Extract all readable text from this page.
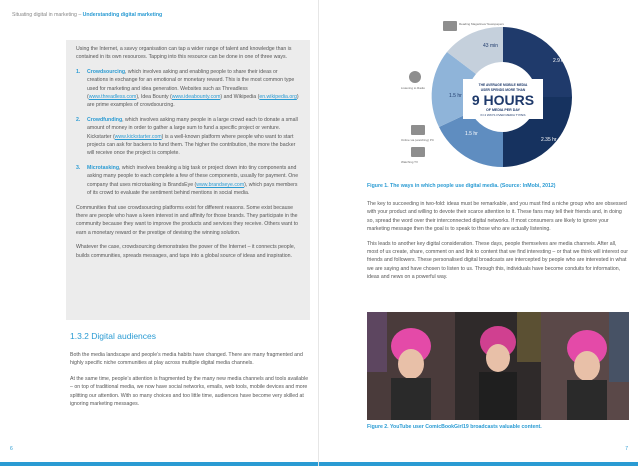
Situating digital in marketing – Understanding digital marketing

Using the Internet, a savvy organisation can tap a wider range of talent and knowledge than is contained in its own resources. Tapping into this resource can be done in one of three ways.

1. Crowdsourcing, which involves asking and enabling people to share their ideas or creations in exchange for an emotional or monetary reward. This is the most common type used for marketing and idea generation. Websites such as Threadless (www.threadless.com), Idea Bounty (www.ideabounty.com) and Wikipedia (en.wikipedia.org) are prime examples of crowdsourcing.
2. Crowdfunding, which involves asking many people in a large crowd each to donate a small amount of money in order to gather a large sum to fund a specific project or venture. Kickstarter (www.kickstarter.com) is a well-known platform where people who want to start projects can ask for backers to fund them. The higher the contribution, the more the backer will receive once the project is complete.
3. Microtasking, which involves breaking a big task or project down into tiny components and asking many people to each complete a few of these components, usually for payment. One company that uses microtasking is BrandsEye (www.brandseye.com), which pays members of its crowd to evaluate the sentiment behind mentions in social media.

Communities that use crowdsourcing platforms exist for different reasons. Some exist because there are people who have a keen interest in and affinity for those brands. They participate in the community because they want to improve the products and services they receive. Others want to earn a monetary reward or the prestige of devising the winning solution.

Whatever the case, crowdsourcing demonstrates the power of the Internet – it connects people, builds communities, spreads messages, and taps into a global source of ideas and inspiration.

1.3.2 Digital audiences

Both the media landscape and people’s media habits have changed. There are many fragmented and highly specific niche communities at play across multiple digital media channels.

At the same time, people’s attention is fragmented by the many new media channels and tools available – on top of traditional media, we now have social networks, emails, web tools, mobile devices and more splitting our attention. With so many choices and too little time, audiences have become very skilled at ignoring marketing messages.

6
THE AVERAGE MOBILE MEDIA
USER SPENDS MORE THAN
9 HOURS
OF MEDIA PER DAY
IN 4 WAYS OVER MEDIA TYPES
2.97 hr
2.35 hr
1.5 hr
1.5 hr
43 min
Reading Magazines/ Newspapers
Listening to Radio
Online via (watching) PC
Watching TV
Figure 1. The ways in which people use digital media. (Source: InMobi, 2012)

The key to succeeding in two-fold: ideas must be remarkable, and you must find a niche group who are obsessed with your product and willing to devote their scarce attention to it. These fans may tell their friends and, in doing so, spread the word over their interconnected digital networks. If most consumers are likely to ignore your marketing message then the goal is to speak to those who are actually listening.

This leads to another key digital consideration. These days, people themselves are media channels. After all, most of us create, share, comment on and link to content that we find interesting – or that we think will interest our friends and followers. These personalised digital broadcasts are intercepted by people who are interested in what we are saying and have chosen to listen to us. Through this, individuals have become conduits for information, ideas and news on a powerful way.

Figure 2. YouTube user ComicBookGirl19 broadcasts valuable content.
7
